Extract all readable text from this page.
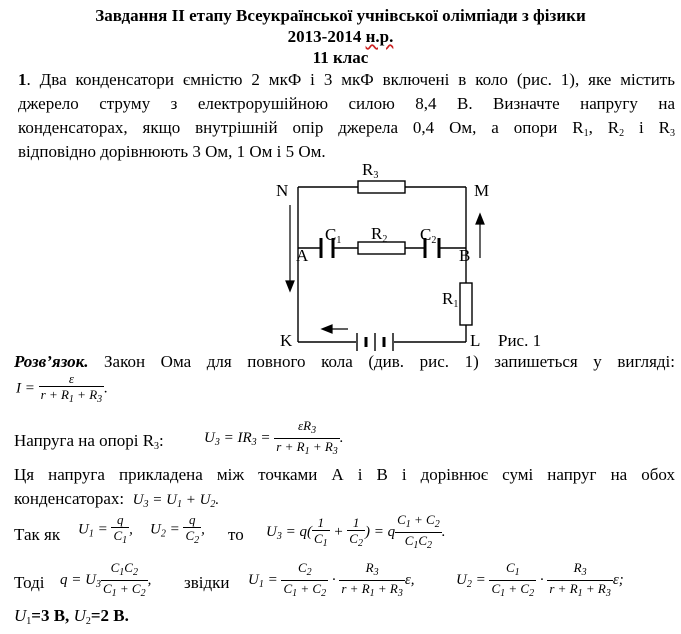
Завдання ІІ етапу Всеукраїнської учнівської олімпіади з фізики
2013-2014 н.р.
11 клас
1. Два конденсатори ємністю 2 мкФ і 3 мкФ включені в коло (рис. 1), яке містить
джерело струму з електрорушійною силою 8,4 В. Визначте напругу на
конденсаторах, якщо внутрішній опір джерела 0,4 Ом, а опори $R_1$, $R_2$ і $R_3$
відповідно дорівнюють 3 Ом, 1 Ом і 5 Ом.
$R_3$
N	M
$C_1$ $R_2$ $C_2$
A	B
$R_1$
K	L Рис. 1
Розв’язок. Закон Ома для повного кола (див. рис. 1) запишеться у вигляді:
$I = \frac{\varepsilon}{r + R_1 + R_3}$ .
Напруга на опорі $R_3$:	$U_3 = IR_3 = \frac{\varepsilon R_3}{r + R_1 + R_3}$ .
Ця напруга прикладена між точками А і В і дорівнює сумі напруг на обох
конденсаторах: $U_3 = U_1 + U_2$.
Так як $U_1 = \frac{q}{C_1}$ , $U_2 = \frac{q}{C_2}$ , то $U_3 = q( \frac{1}{C_1} + \frac{1}{C_2}$ ) = q $\frac{C_1 + C_2}{C_1C_2}$ .
Тоді $q = U_3 \frac{C_1C_2}{C_1 + C_2}$ , звідки $U_1 = \frac{C_2}{C_1 + C_2} \cdot \frac{R_3}{r + R_1 + R_3} \varepsilon$,	$U_2 = \frac{C_1}{C_1 + C_2} \cdot \frac{R_3}{r + R_1 + R_3} \varepsilon$;
$U_1=3$ В, $U_2=2$ В.
